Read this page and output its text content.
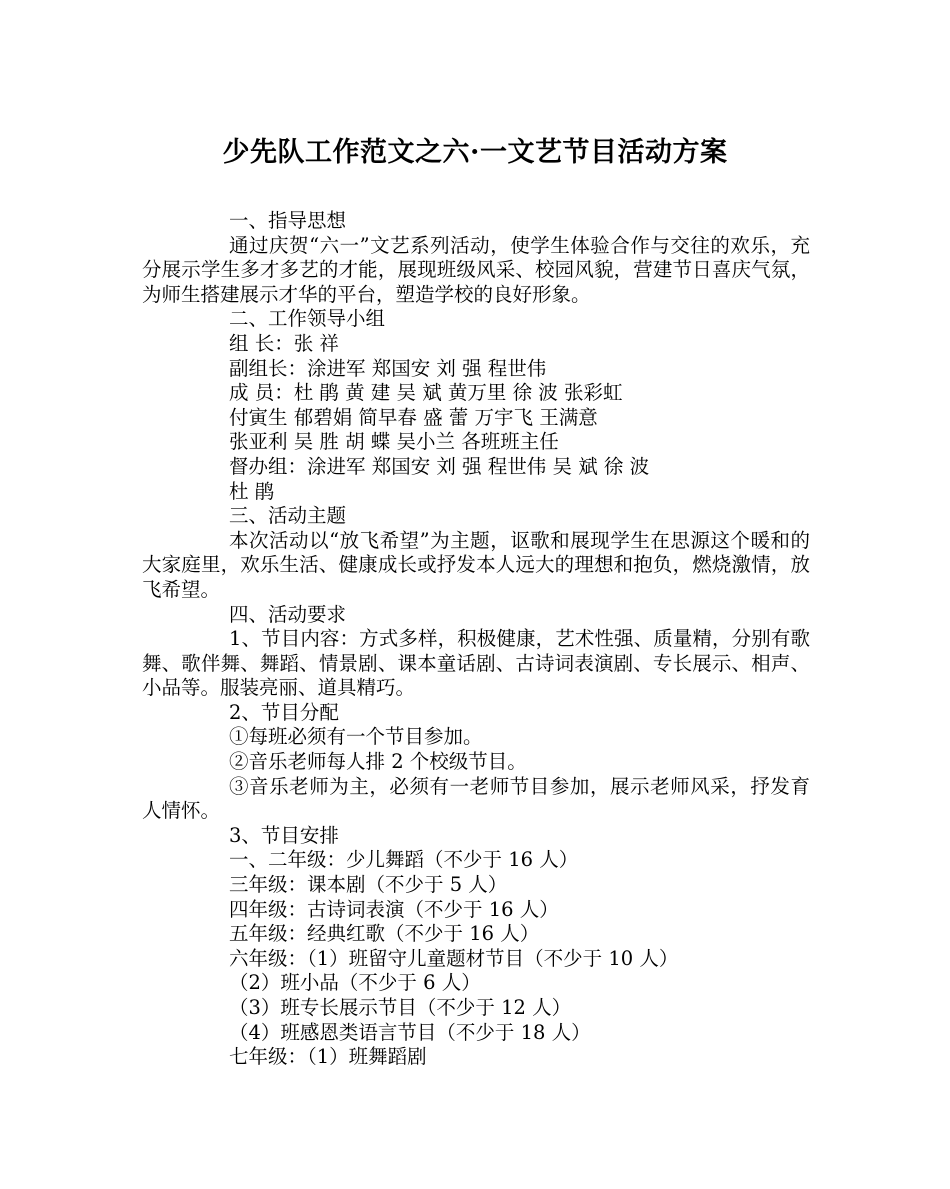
少先队工作范文之六·一文艺节目活动方案
一、指导思想
通过庆贺“六一”文艺系列活动，使学生体验合作与交往的欢乐，充分展示学生多才多艺的才能，展现班级风采、校园风貌，营建节日喜庆气氛，为师生搭建展示才华的平台，塑造学校的良好形象。
二、工作领导小组
组 长：张 祥
副组长：涂进军 郑国安 刘 强 程世伟
成 员：杜 鹃 黄 建 吴 斌 黄万里 徐 波 张彩虹
付寅生 郁碧娟 简早春 盛 蕾 万宇飞 王满意
张亚利 吴 胜 胡 蝶 吴小兰 各班班主任
督办组：涂进军 郑国安 刘 强 程世伟 吴 斌 徐 波
杜 鹃
三、活动主题
本次活动以“放飞希望”为主题，讴歌和展现学生在思源这个暖和的大家庭里，欢乐生活、健康成长或抒发本人远大的理想和抱负，燃烧激情，放飞希望。
四、活动要求
1、节目内容：方式多样，积极健康，艺术性强、质量精，分别有歌舞、歌伴舞、舞蹈、情景剧、课本童话剧、古诗词表演剧、专长展示、相声、小品等。服装亮丽、道具精巧。
2、节目分配
①每班必须有一个节目参加。
②音乐老师每人排 2 个校级节目。
③音乐老师为主，必须有一老师节目参加，展示老师风采，抒发育人情怀。
3、节目安排
一、二年级：少儿舞蹈（不少于 16 人）
三年级：课本剧（不少于 5 人）
四年级：古诗词表演（不少于 16 人）
五年级：经典红歌（不少于 16 人）
六年级：（1）班留守儿童题材节目（不少于 10 人）
（2）班小品（不少于 6 人）
（3）班专长展示节目（不少于 12 人）
（4）班感恩类语言节目（不少于 18 人）
七年级：（1）班舞蹈剧
